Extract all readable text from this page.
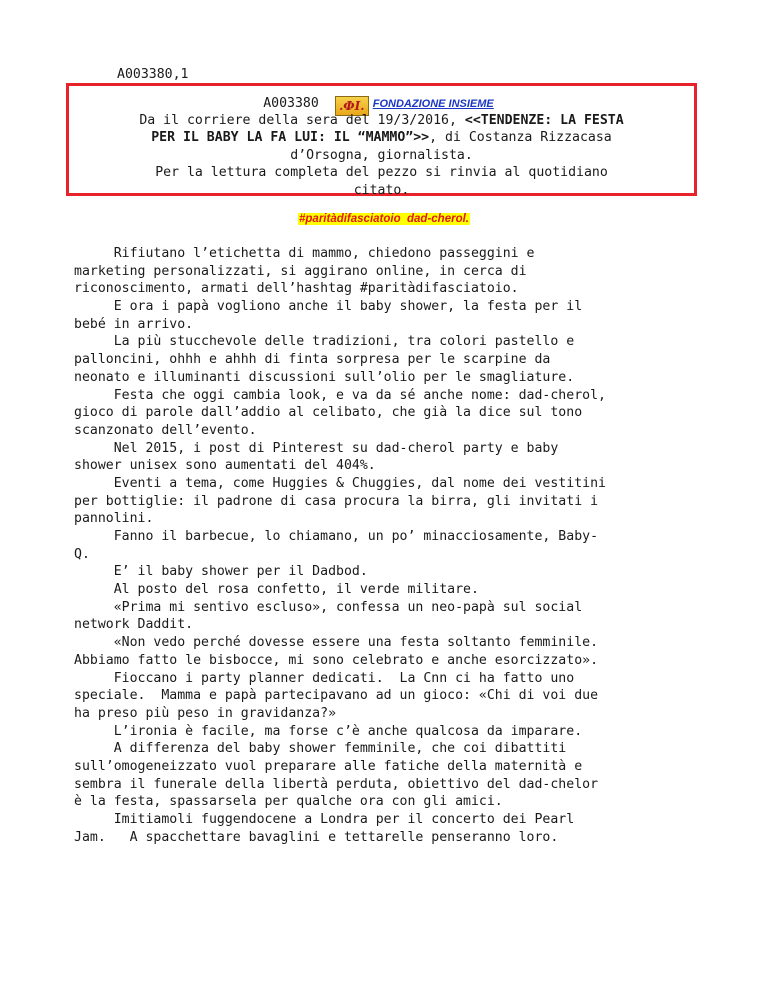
A003380,1
A003380 .ФI. FONDAZIONE INSIEME
Da il corriere della sera del 19/3/2016, <<TENDENZE: LA FESTA
PER IL BABY LA FA LUI: IL “MAMMO”>>, di Costanza Rizzacasa
d’Orsogna, giornalista.
Per la lettura completa del pezzo si rinvia al quotidiano
citato.
#paritàdifasciatoio  dad-cherol.
Rifiutano l’etichetta di mammo, chiedono passeggini e
marketing personalizzati, si aggirano online, in cerca di
riconoscimento, armati dell’hashtag #paritàdifasciatoio.
E ora i papà vogliono anche il baby shower, la festa per il
bebé in arrivo.
La più stucchevole delle tradizioni, tra colori pastello e
palloncini, ohhh e ahhh di finta sorpresa per le scarpine da
neonato e illuminanti discussioni sull’olio per le smagliature.
Festa che oggi cambia look, e va da sé anche nome: dad-cherol,
gioco di parole dall’addio al celibato, che già la dice sul tono
scanzonato dell’evento.
Nel 2015, i post di Pinterest su dad-cherol party e baby
shower unisex sono aumentati del 404%.
Eventi a tema, come Huggies & Chuggies, dal nome dei vestitini
per bottiglie: il padrone di casa procura la birra, gli invitati i
pannolini.
Fanno il barbecue, lo chiamano, un po’ minacciosamente, Baby-
Q.
E’ il baby shower per il Dadbod.
Al posto del rosa confetto, il verde militare.
«Prima mi sentivo escluso», confessa un neo-papà sul social
network Daddit.
«Non vedo perché dovesse essere una festa soltanto femminile.
Abbiamo fatto le bisbocce, mi sono celebrato e anche esorcizzato».
Fioccano i party planner dedicati.  La Cnn ci ha fatto uno
speciale.  Mamma e papà partecipavano ad un gioco: «Chi di voi due
ha preso più peso in gravidanza?»
L’ironia è facile, ma forse c’è anche qualcosa da imparare.
A differenza del baby shower femminile, che coi dibattiti
sull’omogeneizzato vuol preparare alle fatiche della maternità e
sembra il funerale della libertà perduta, obiettivo del dad-chelor
è la festa, spassarsela per qualche ora con gli amici.
Imitiamoli fuggendocene a Londra per il concerto dei Pearl
Jam.   A spacchettare bavaglini e tettarelle penseranno loro.
